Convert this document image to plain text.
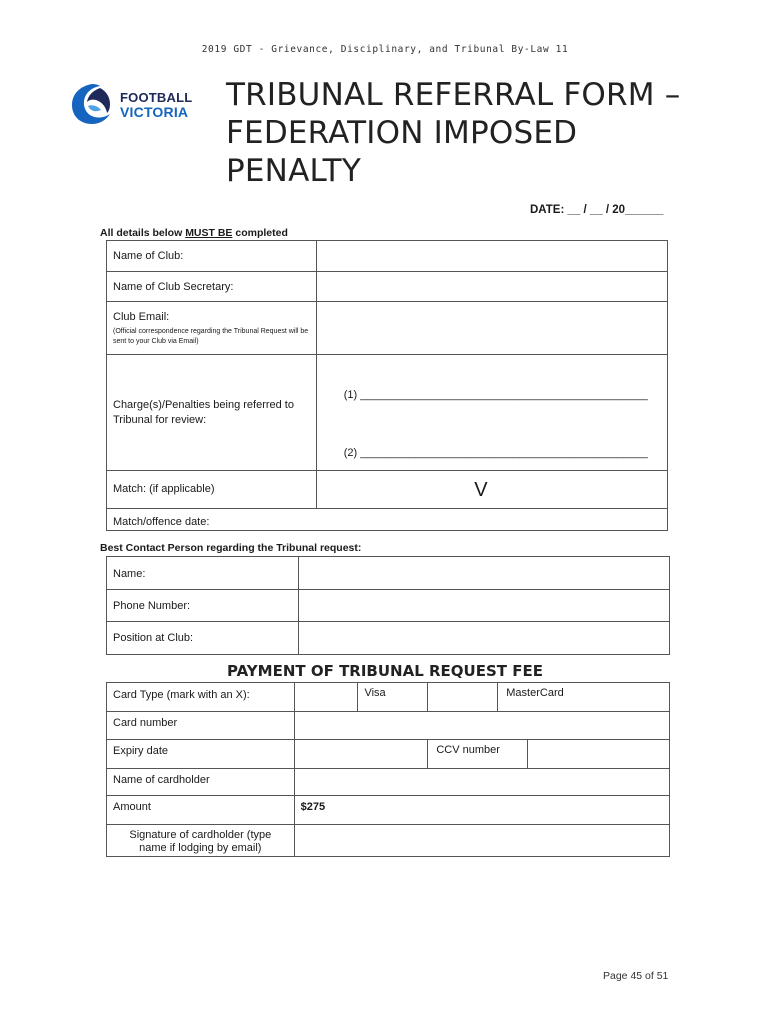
2019 GDT - Grievance, Disciplinary, and Tribunal By-Law 11
FOOTBALL
VICTORIA TRIBUNAL REFERRAL FORM –
FEDERATION IMPOSED
PENALTY
DATE: __ / __ / 20______
All details below MUST BE completed
Name of Club:	
Name of Club Secretary:	
Club Email:
(Official correspondence regarding the Tribunal Request will be sent to your Club via Email)	

Charge(s)/Penalties being referred to Tribunal for review:	(1) _______________________________________________
(2) _______________________________________________

Match: (if applicable)	V
Match/offence date:	
Best Contact Person regarding the Tribunal request:
Name:	
Phone Number:	
Position at Club:	
PAYMENT OF TRIBUNAL REQUEST FEE
Card Type (mark with an X):		Visa		MasterCard	
Card number					
Expiry date			CCV number		
Name of cardholder					
Amount	$275				

Signature of cardholder (type
name if lodging by email)					

Page 45 of 51
